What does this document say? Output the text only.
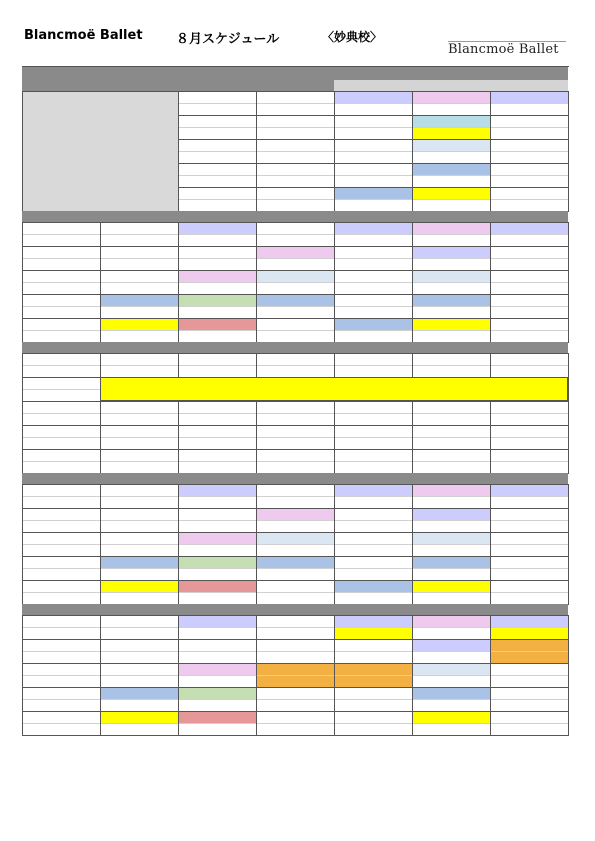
Blancmoë Ballet	８月スケジュール	〈妙典校〉
Blancmoë Ballet
